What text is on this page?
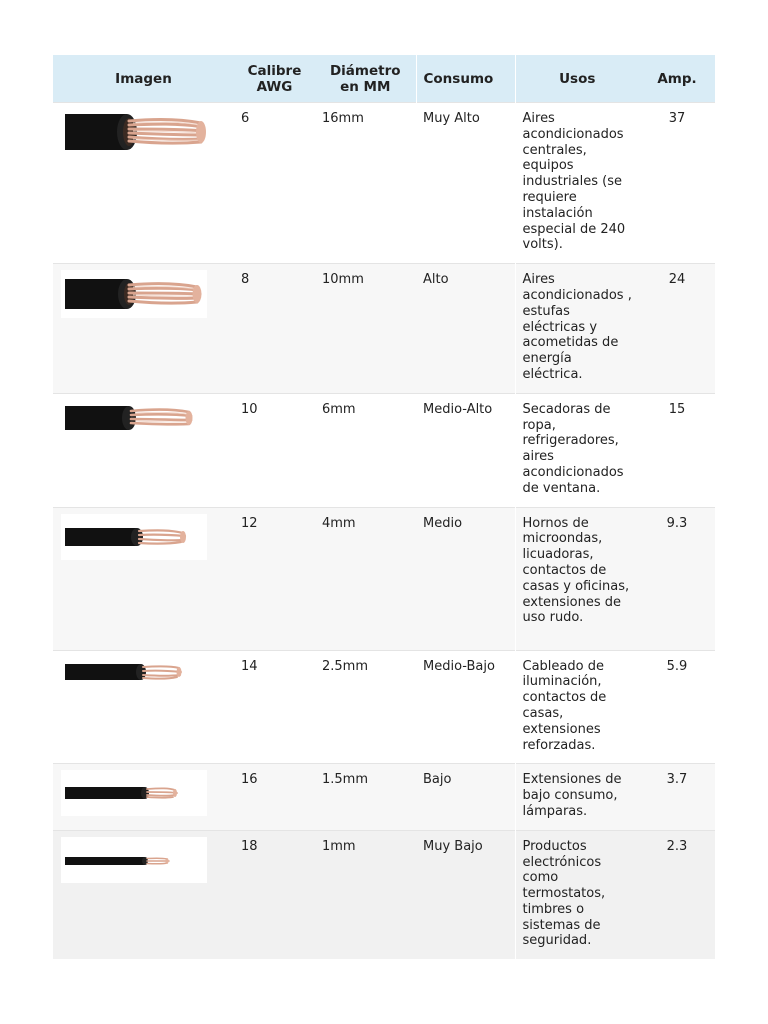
Imagen	Calibre AWG	Diámetro en MM	Consumo	Usos	Amp.

	6	16mm	Muy Alto	Aires acondicionados centrales, equipos industriales (se requiere instalación especial de 240 volts).	37

	8	10mm	Alto	Aires acondicionados , estufas eléctricas y acometidas de energía eléctrica.	24

	10	6mm	Medio-Alto	Secadoras de ropa, refrigeradores, aires acondicionados de ventana.	15

	12	4mm	Medio	Hornos de microondas, licuadoras, contactos de casas y oficinas, extensiones de uso rudo.	9.3

	14	2.5mm	Medio-Bajo	Cableado de iluminación, contactos de casas, extensiones reforzadas.	5.9

	16	1.5mm	Bajo	Extensiones de bajo consumo, lámparas.	3.7

	18	1mm	Muy Bajo	Productos electrónicos como termostatos, timbres o sistemas de seguridad.	2.3
